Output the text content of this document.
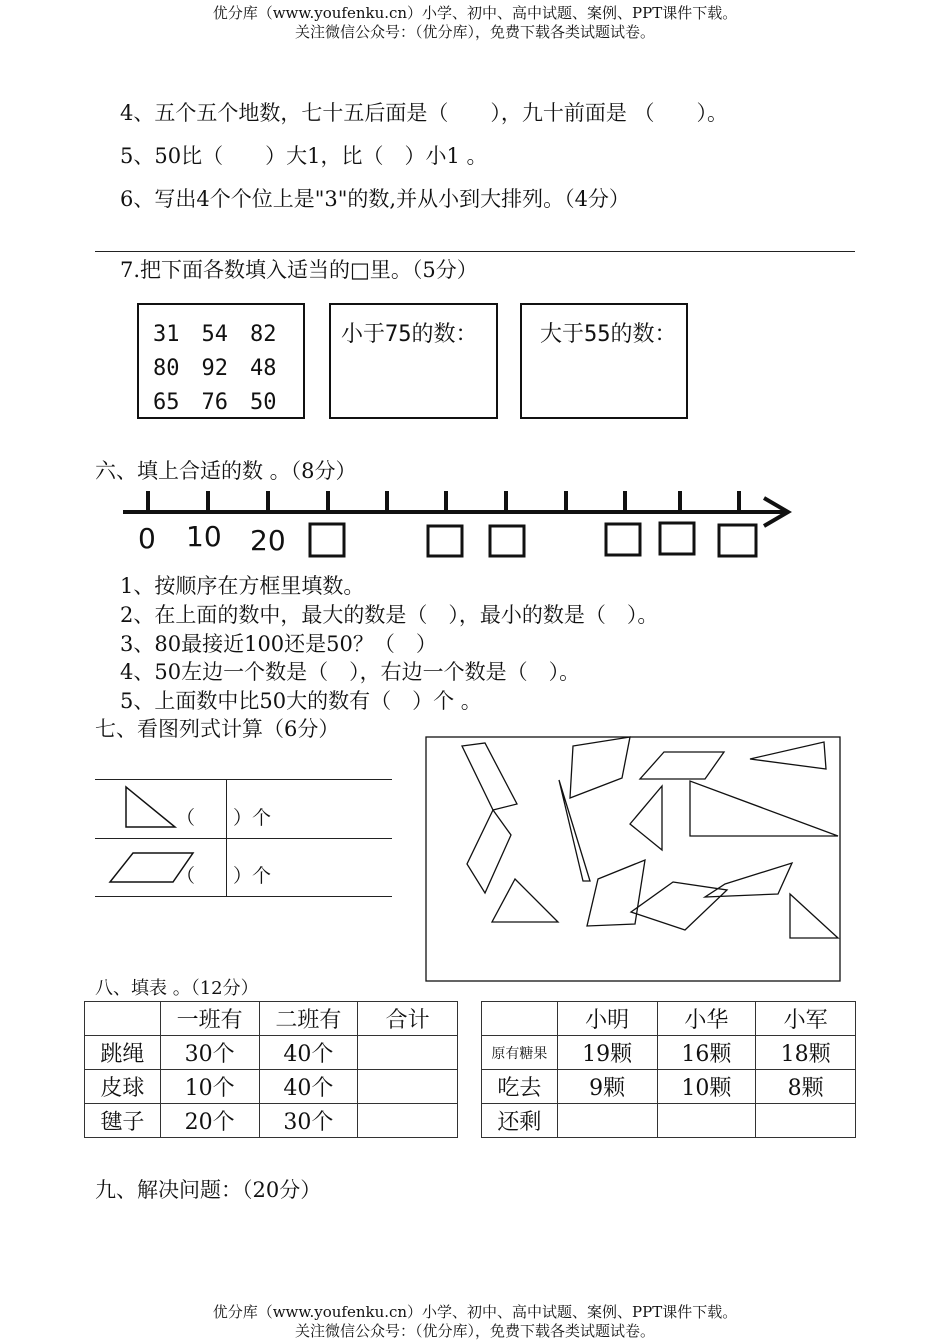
优分库（www.youfenku.cn）小学、初中、高中试题、案例、PPT课件下载。
关注微信公众号：（优分库），免费下载各类试题试卷。
4、五个五个地数，七十五后面是（　　），九十前面是 （　　）。
5、50比（　　）大1，比（　）小1 。
6、写出4个个位上是"3"的数,并从小到大排列。（4分）
7.把下面各数填入适当的□里。（5分）
31　54　82
80　92　48
65　76　50
小于75的数：	大于55的数：
六、填上合适的数 。（8分）
0 10 20
1、按顺序在方框里填数。
2、在上面的数中，最大的数是（　），最小的数是（　）。
3、80最接近100还是50？（　）
4、50左边一个数是（　），右边一个数是（　）。
5、上面数中比50大的数有（　）个 。
七、看图列式计算（6分）
（　　）个
（　　）个
八、填表 。（12分）
	一班有	二班有	合计
跳绳	30个	40个	
皮球	10个	40个	
毽子	20个	30个	
	小明	小华	小军
原有糖果	19颗	16颗	18颗
吃去	9颗	10颗	8颗
还剩			
九、解决问题：（20分）
优分库（www.youfenku.cn）小学、初中、高中试题、案例、PPT课件下载。
关注微信公众号：（优分库），免费下载各类试题试卷。
